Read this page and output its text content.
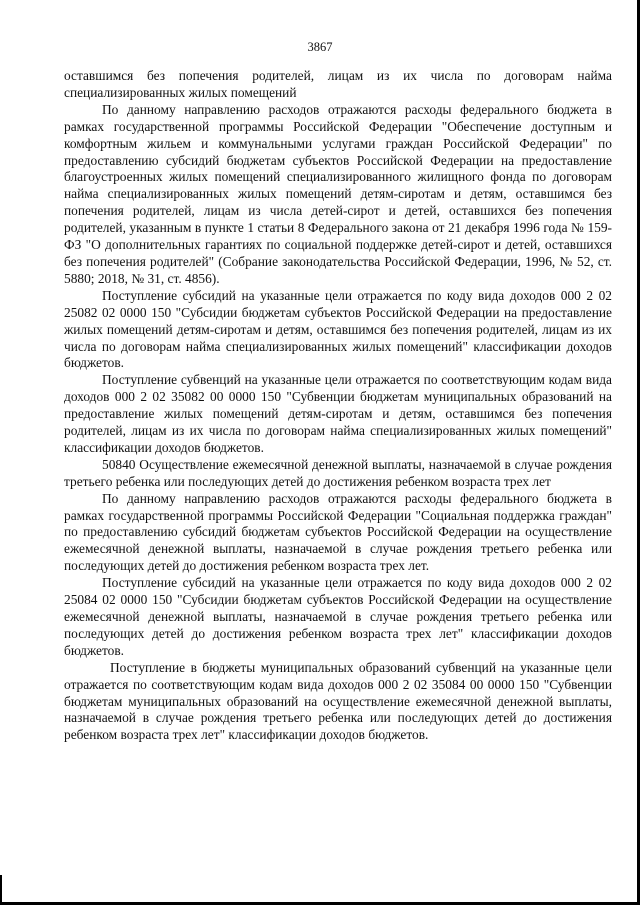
3867

оставшимся без попечения родителей, лицам из их числа по договорам найма специализированных жилых помещений

По данному направлению расходов отражаются расходы федерального бюджета в рамках государственной программы Российской Федерации "Обеспечение доступным и комфортным жильем и коммунальными услугами граждан Российской Федерации" по предоставлению субсидий бюджетам субъектов Российской Федерации на предоставление благоустроенных жилых помещений специализированного жилищного фонда по договорам найма специализированных жилых помещений детям-сиротам и детям, оставшимся без попечения родителей, лицам из числа детей-сирот и детей, оставшихся без попечения родителей, указанным в пункте 1 статьи 8 Федерального закона от 21 декабря 1996 года № 159-ФЗ "О дополнительных гарантиях по социальной поддержке детей-сирот и детей, оставшихся без попечения родителей" (Собрание законодательства Российской Федерации, 1996, № 52, ст. 5880; 2018, № 31, ст. 4856).

Поступление субсидий на указанные цели отражается по коду вида доходов 000 2 02 25082 02 0000 150 "Субсидии бюджетам субъектов Российской Федерации на предоставление жилых помещений детям-сиротам и детям, оставшимся без попечения родителей, лицам из их числа по договорам найма специализированных жилых помещений" классификации доходов бюджетов.

Поступление субвенций на указанные цели отражается по соответствующим кодам вида доходов 000 2 02 35082 00 0000 150 "Субвенции бюджетам муниципальных образований на предоставление жилых помещений детям-сиротам и детям, оставшимся без попечения родителей, лицам из их числа по договорам найма специализированных жилых помещений" классификации доходов бюджетов.

50840 Осуществление ежемесячной денежной выплаты, назначаемой в случае рождения третьего ребенка или последующих детей до достижения ребенком возраста трех лет

По данному направлению расходов отражаются расходы федерального бюджета в рамках государственной программы Российской Федерации "Социальная поддержка граждан" по предоставлению субсидий бюджетам субъектов Российской Федерации на осуществление ежемесячной денежной выплаты, назначаемой в случае рождения третьего ребенка или последующих детей до достижения ребенком возраста трех лет.

Поступление субсидий на указанные цели отражается по коду вида доходов 000 2 02 25084 02 0000 150 "Субсидии бюджетам субъектов Российской Федерации на осуществление ежемесячной денежной выплаты, назначаемой в случае рождения третьего ребенка или последующих детей до достижения ребенком возраста трех лет" классификации доходов бюджетов.

Поступление в бюджеты муниципальных образований субвенций на указанные цели отражается по соответствующим кодам вида доходов 000 2 02 35084 00 0000 150 "Субвенции бюджетам муниципальных образований на осуществление ежемесячной денежной выплаты, назначаемой в случае рождения третьего ребенка или последующих детей до достижения ребенком возраста трех лет" классификации доходов бюджетов.
